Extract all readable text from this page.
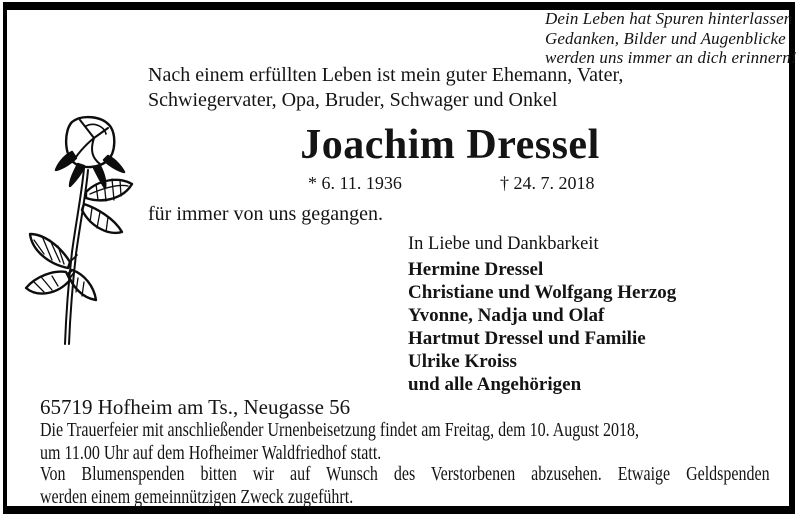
Dein Leben hat Spuren hinterlassen
Gedanken, Bilder und Augenblicke
werden uns immer an dich erinnern!
Nach einem erfüllten Leben ist mein guter Ehemann, Vater,
Schwiegervater, Opa, Bruder, Schwager und Onkel
Joachim Dressel
* 6. 11. 1936	† 24. 7. 2018
für immer von uns gegangen.
In Liebe und Dankbarkeit
Hermine Dressel
Christiane und Wolfgang Herzog
Yvonne, Nadja und Olaf
Hartmut Dressel und Familie
Ulrike Kroiss
und alle Angehörigen
65719 Hofheim am Ts., Neugasse 56
Die Trauerfeier mit anschließender Urnenbeisetzung findet am Freitag, dem 10. August 2018,
um 11.00 Uhr auf dem Hofheimer Waldfriedhof statt.
Von Blumenspenden bitten wir auf Wunsch des Verstorbenen abzusehen. Etwaige Geldspenden
werden einem gemeinnützigen Zweck zugeführt.
